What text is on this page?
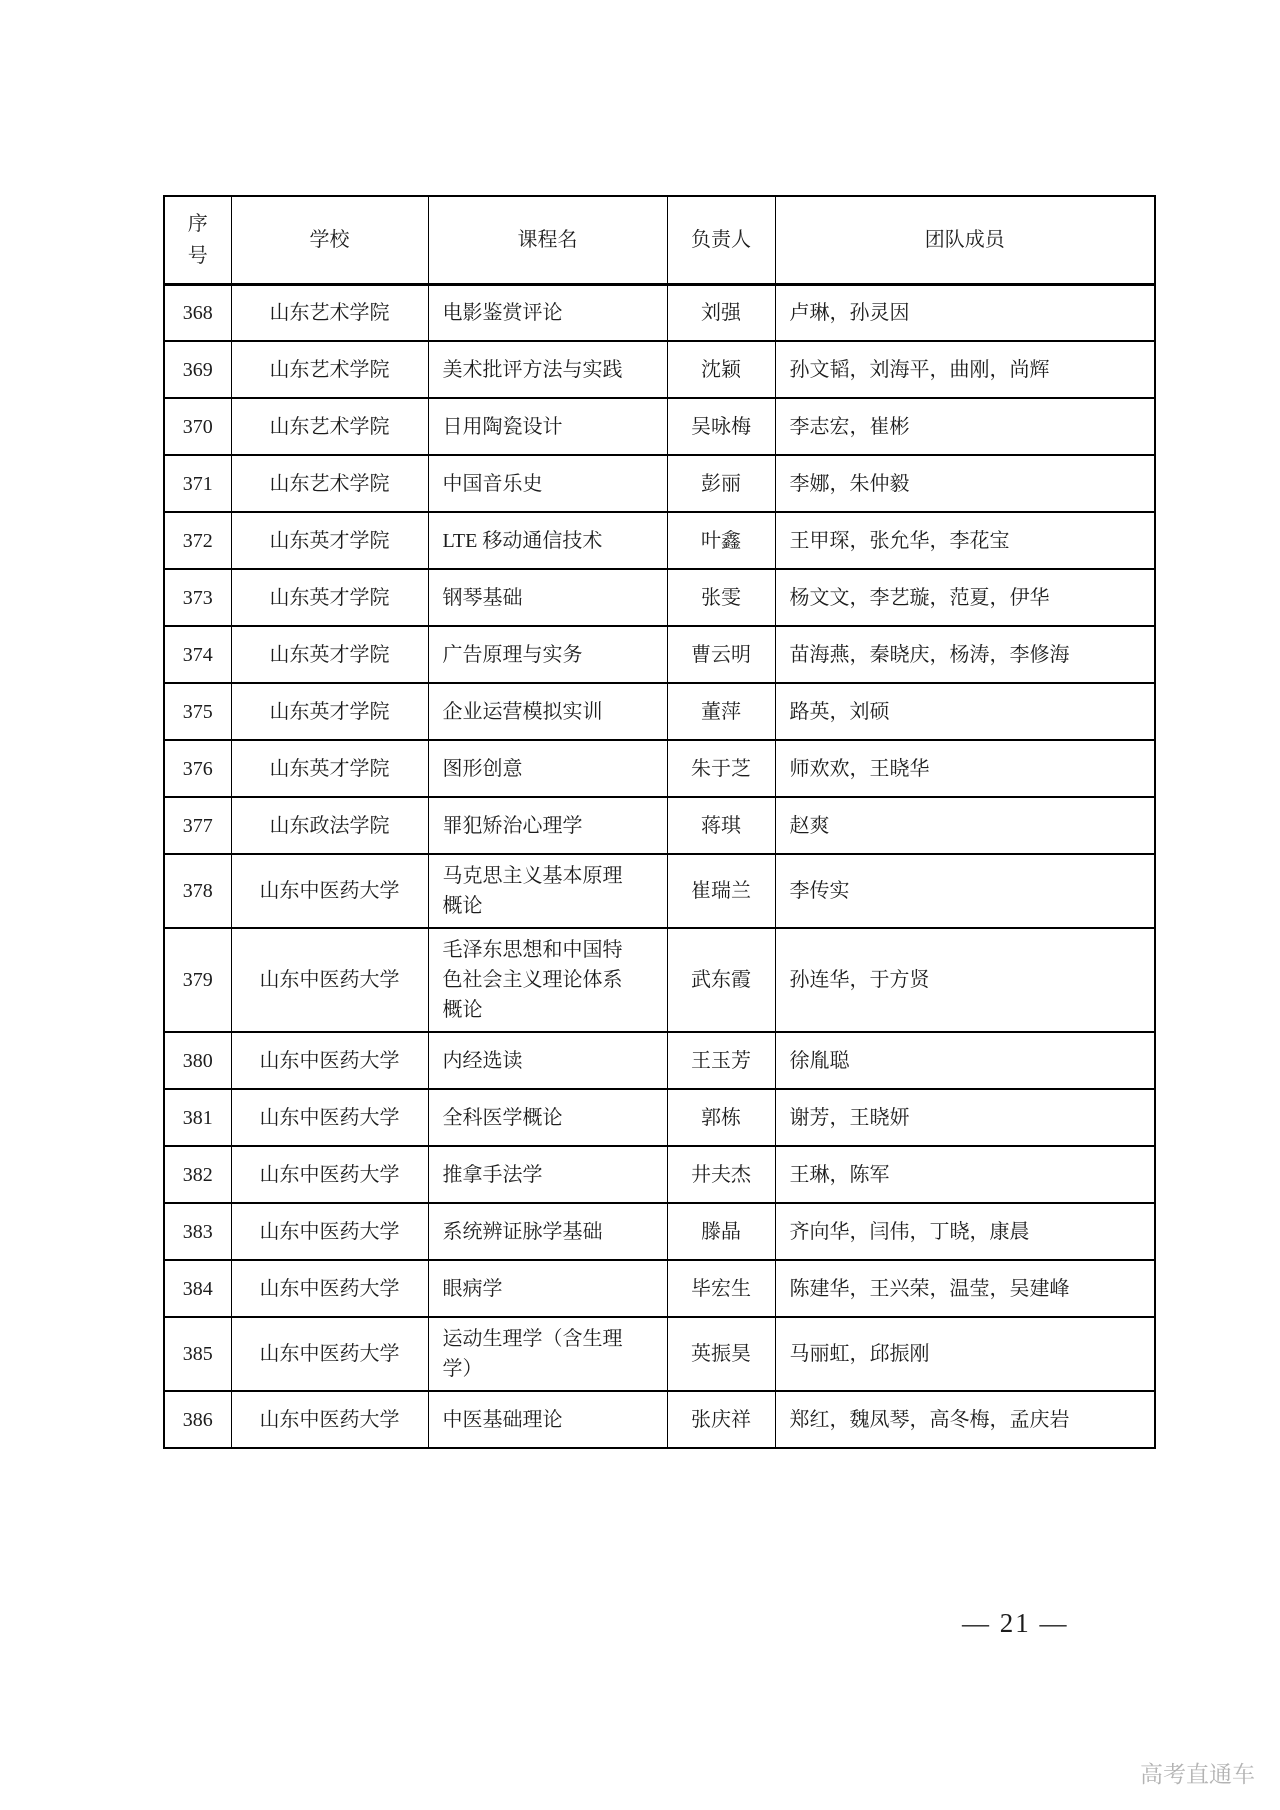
序号	学校	课程名	负责人	团队成员
368	山东艺术学院	电影鉴赏评论	刘强	卢琳，孙灵因
369	山东艺术学院	美术批评方法与实践	沈颖	孙文韬，刘海平，曲刚，尚辉
370	山东艺术学院	日用陶瓷设计	吴咏梅	李志宏，崔彬
371	山东艺术学院	中国音乐史	彭丽	李娜，朱仲毅
372	山东英才学院	LTE 移动通信技术	叶鑫	王甲琛，张允华，李花宝
373	山东英才学院	钢琴基础	张雯	杨文文，李艺璇，范夏，伊华
374	山东英才学院	广告原理与实务	曹云明	苗海燕，秦晓庆，杨涛，李修海
375	山东英才学院	企业运营模拟实训	董萍	路英，刘硕
376	山东英才学院	图形创意	朱于芝	师欢欢，王晓华
377	山东政法学院	罪犯矫治心理学	蒋琪	赵爽
378	山东中医药大学	马克思主义基本原理概论	崔瑞兰	李传实
379	山东中医药大学	毛泽东思想和中国特色社会主义理论体系概论	武东霞	孙连华，于方贤
380	山东中医药大学	内经选读	王玉芳	徐胤聪
381	山东中医药大学	全科医学概论	郭栋	谢芳，王晓妍
382	山东中医药大学	推拿手法学	井夫杰	王琳，陈军
383	山东中医药大学	系统辨证脉学基础	滕晶	齐向华，闫伟，丁晓，康晨
384	山东中医药大学	眼病学	毕宏生	陈建华，王兴荣，温莹，吴建峰
385	山东中医药大学	运动生理学（含生理学）	英振昊	马丽虹，邱振刚
386	山东中医药大学	中医基础理论	张庆祥	郑红，魏凤琴，高冬梅，孟庆岩
— 21 —
高考直通车
